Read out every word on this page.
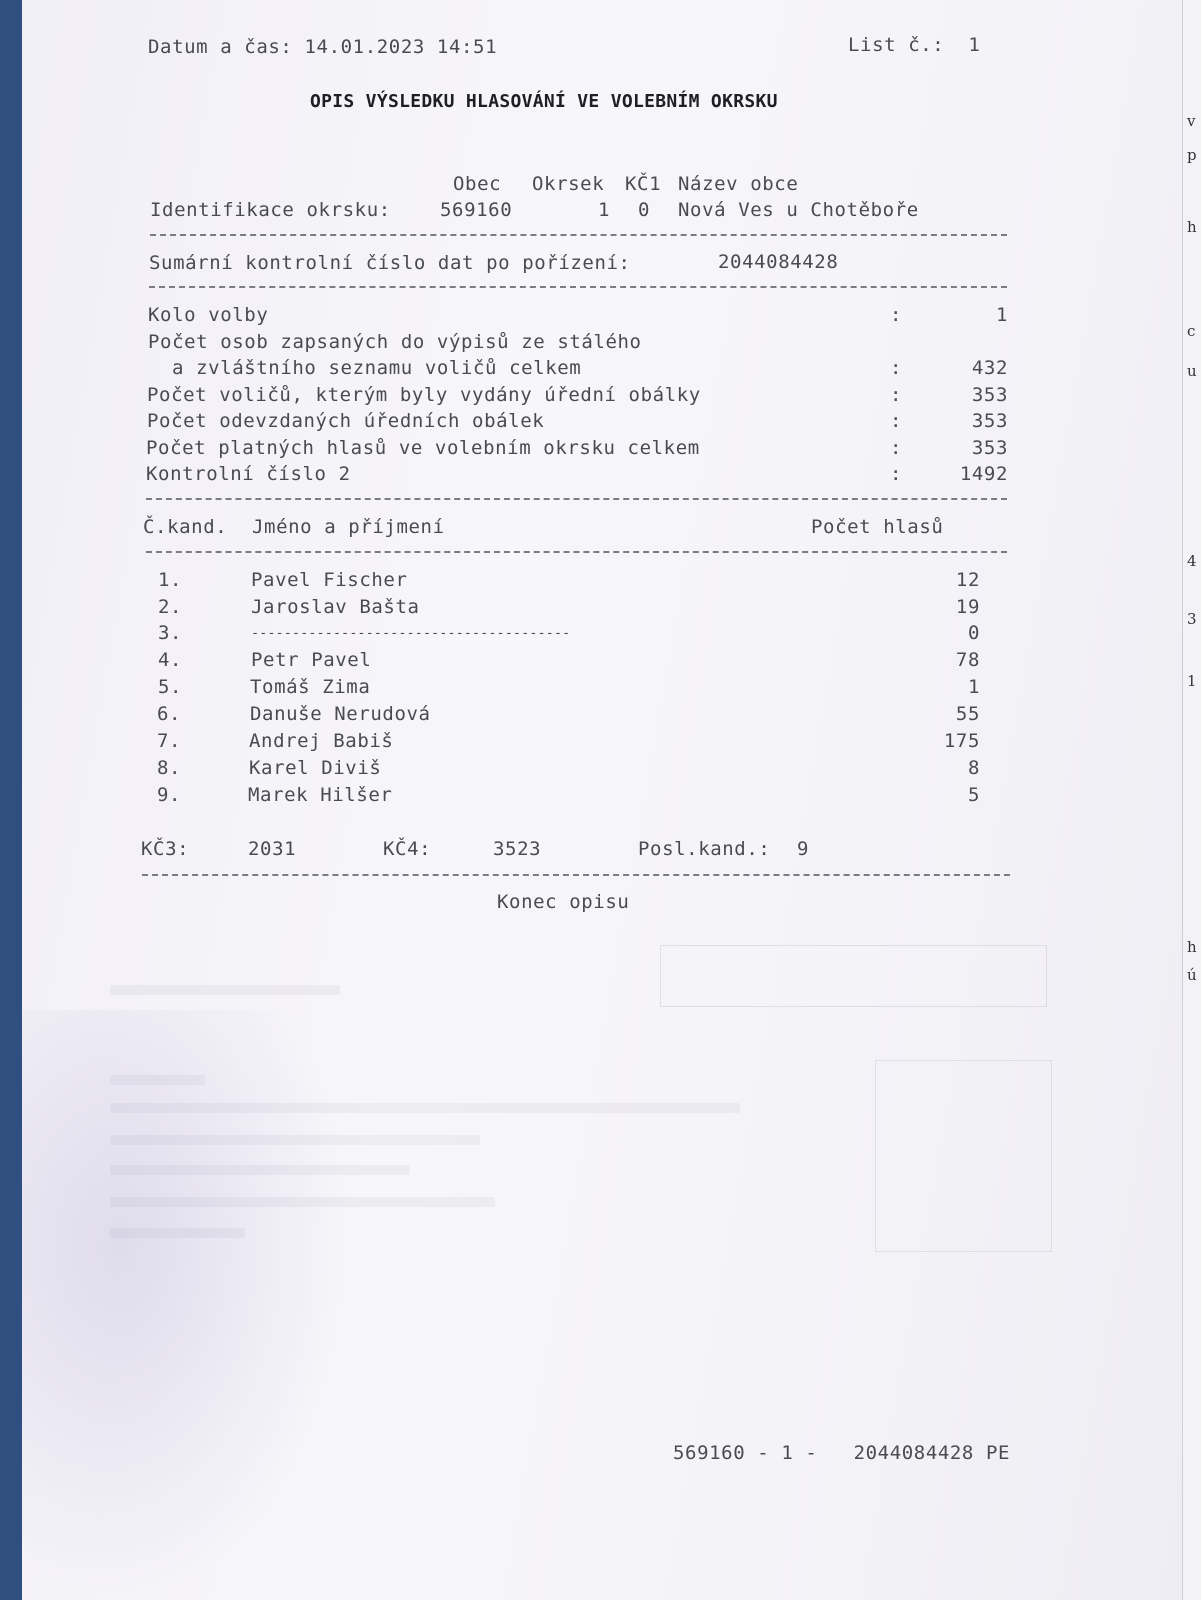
v
p
h
c
u
4
3
1
h
ú
Datum a čas: 14.01.2023 14:51	List č.:  1
OPIS VÝSLEDKU HLASOVÁNÍ VE VOLEBNÍM OKRSKU
Obec Okrsek KČ1 Název obce
Identifikace okrsku:	569160	1 0 Nová Ves u Chotěboře
Sumární kontrolní číslo dat po pořízení:	2044084428
Kolo volby	:	1
Počet osob zapsaných do výpisů ze stálého
a zvláštního seznamu voličů celkem	:	432
Počet voličů, kterým byly vydány úřední obálky	:	353
Počet odevzdaných úředních obálek	:	353
Počet platných hlasů ve volebním okrsku celkem	:	353
Kontrolní číslo 2	:	1492
Č.kand. Jméno a příjmení	Počet hlasů
1.	Pavel Fischer	12
2.	Jaroslav Bašta	19
3.	---------------------------------------	0
4.	Petr Pavel	78
5.	Tomáš Zima	1
6.	Danuše Nerudová	55
7.	Andrej Babiš	175
8.	Karel Diviš	8
9.	Marek Hilšer	5
KČ3:	2031	KČ4:	3523	Posl.kand.: 9
Konec opisu
569160 - 1 -   2044084428 PE
